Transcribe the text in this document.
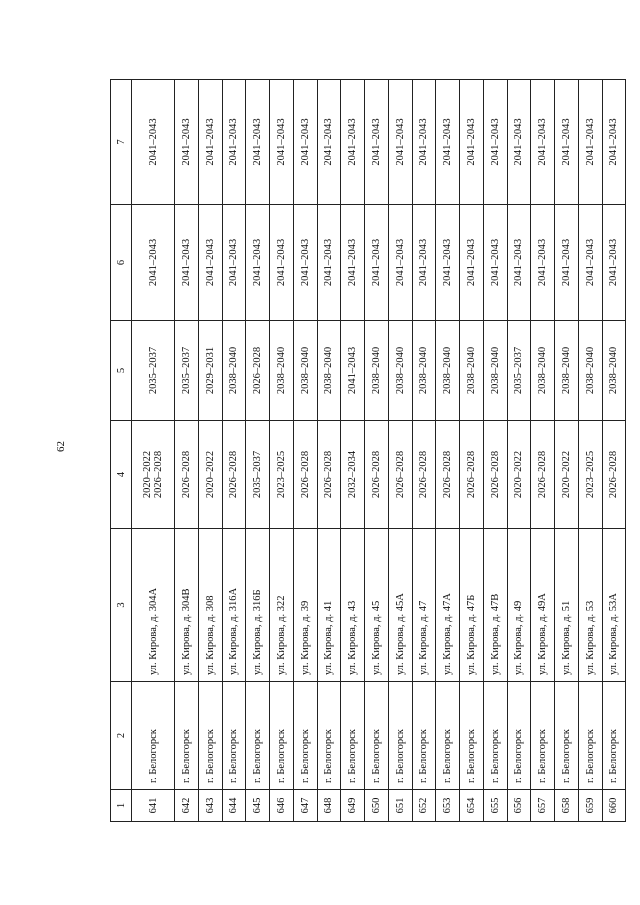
62
1	2	3	4	5	6	7
641	г. Белогорск	ул. Кирова, д. 304А	2020–2022 2026–2028	2035–2037	2041–2043	2041–2043
642	г. Белогорск	ул. Кирова, д. 304В	2026–2028	2035–2037	2041–2043	2041–2043
643	г. Белогорск	ул. Кирова, д. 308	2020–2022	2029–2031	2041–2043	2041–2043
644	г. Белогорск	ул. Кирова, д. 316А	2026–2028	2038–2040	2041–2043	2041–2043
645	г. Белогорск	ул. Кирова, д. 316Б	2035–2037	2026–2028	2041–2043	2041–2043
646	г. Белогорск	ул. Кирова, д. 322	2023–2025	2038–2040	2041–2043	2041–2043
647	г. Белогорск	ул. Кирова, д. 39	2026–2028	2038–2040	2041–2043	2041–2043
648	г. Белогорск	ул. Кирова, д. 41	2026–2028	2038–2040	2041–2043	2041–2043
649	г. Белогорск	ул. Кирова, д. 43	2032–2034	2041–2043	2041–2043	2041–2043
650	г. Белогорск	ул. Кирова, д. 45	2026–2028	2038–2040	2041–2043	2041–2043
651	г. Белогорск	ул. Кирова, д. 45А	2026–2028	2038–2040	2041–2043	2041–2043
652	г. Белогорск	ул. Кирова, д. 47	2026–2028	2038–2040	2041–2043	2041–2043
653	г. Белогорск	ул. Кирова, д. 47А	2026–2028	2038–2040	2041–2043	2041–2043
654	г. Белогорск	ул. Кирова, д. 47Б	2026–2028	2038–2040	2041–2043	2041–2043
655	г. Белогорск	ул. Кирова, д. 47В	2026–2028	2038–2040	2041–2043	2041–2043
656	г. Белогорск	ул. Кирова, д. 49	2020–2022	2035–2037	2041–2043	2041–2043
657	г. Белогорск	ул. Кирова, д. 49А	2026–2028	2038–2040	2041–2043	2041–2043
658	г. Белогорск	ул. Кирова, д. 51	2020–2022	2038–2040	2041–2043	2041–2043
659	г. Белогорск	ул. Кирова, д. 53	2023–2025	2038–2040	2041–2043	2041–2043
660	г. Белогорск	ул. Кирова, д. 53А	2026–2028	2038–2040	2041–2043	2041–2043
